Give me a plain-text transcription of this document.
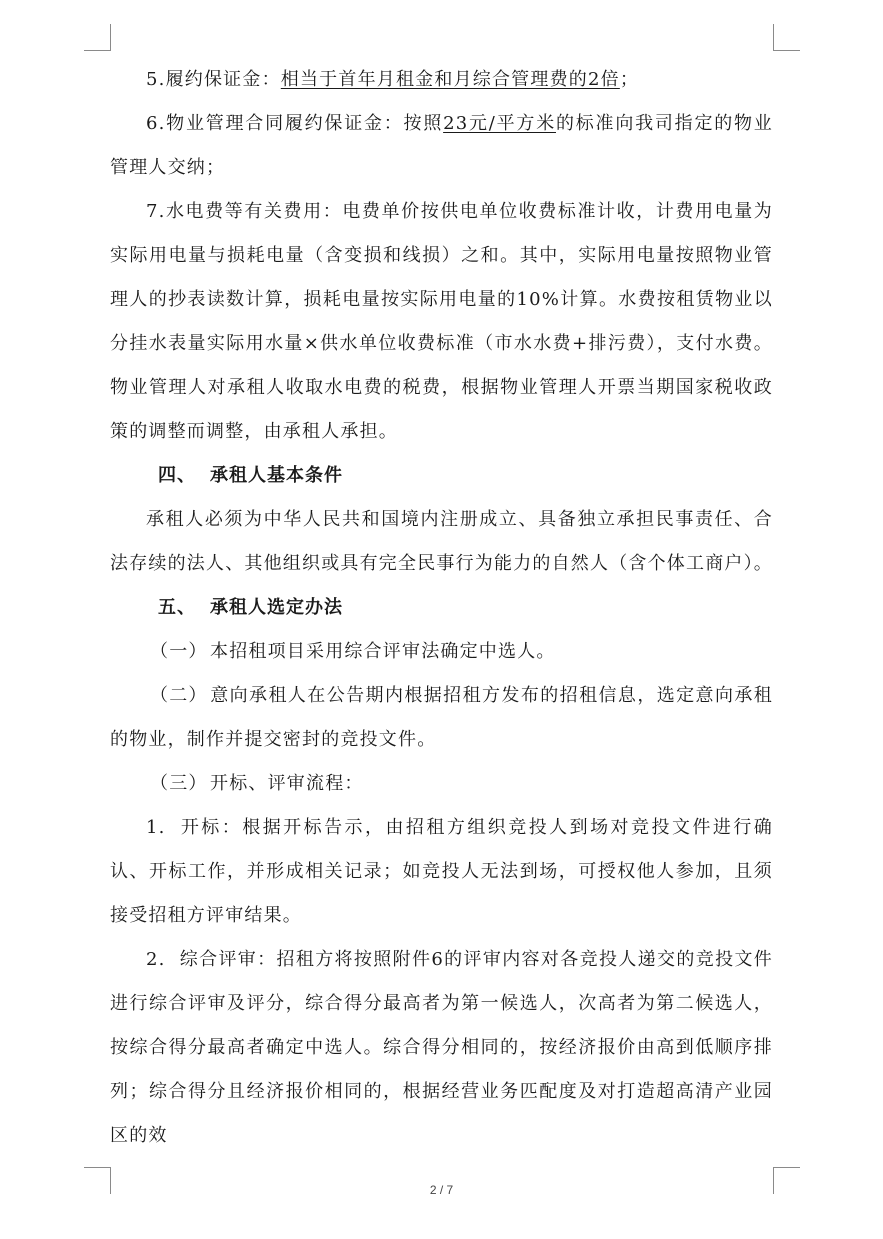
5.履约保证金：相当于首年月租金和月综合管理费的2倍；

6.物业管理合同履约保证金：按照23元/平方米的标准向我司指定的物业管理人交纳；

7.水电费等有关费用：电费单价按供电单位收费标准计收，计费用电量为实际用电量与损耗电量（含变损和线损）之和。其中，实际用电量按照物业管理人的抄表读数计算，损耗电量按实际用电量的10%计算。水费按租赁物业以分挂水表量实际用水量×供水单位收费标准（市水水费+排污费），支付水费。物业管理人对承租人收取水电费的税费，根据物业管理人开票当期国家税收政策的调整而调整，由承租人承担。

四、 承租人基本条件

承租人必须为中华人民共和国境内注册成立、具备独立承担民事责任、合法存续的法人、其他组织或具有完全民事行为能力的自然人（含个体工商户）。

五、 承租人选定办法

（一） 本招租项目采用综合评审法确定中选人。

（二） 意向承租人在公告期内根据招租方发布的招租信息，选定意向承租的物业，制作并提交密封的竞投文件。

（三） 开标、评审流程：

1. 开标：根据开标告示，由招租方组织竞投人到场对竞投文件进行确认、开标工作，并形成相关记录；如竞投人无法到场，可授权他人参加，且须接受招租方评审结果。

2. 综合评审：招租方将按照附件6的评审内容对各竞投人递交的竞投文件进行综合评审及评分，综合得分最高者为第一候选人，次高者为第二候选人，按综合得分最高者确定中选人。综合得分相同的，按经济报价由高到低顺序排列；综合得分且经济报价相同的，根据经营业务匹配度及对打造超高清产业园区的效

2 / 7
